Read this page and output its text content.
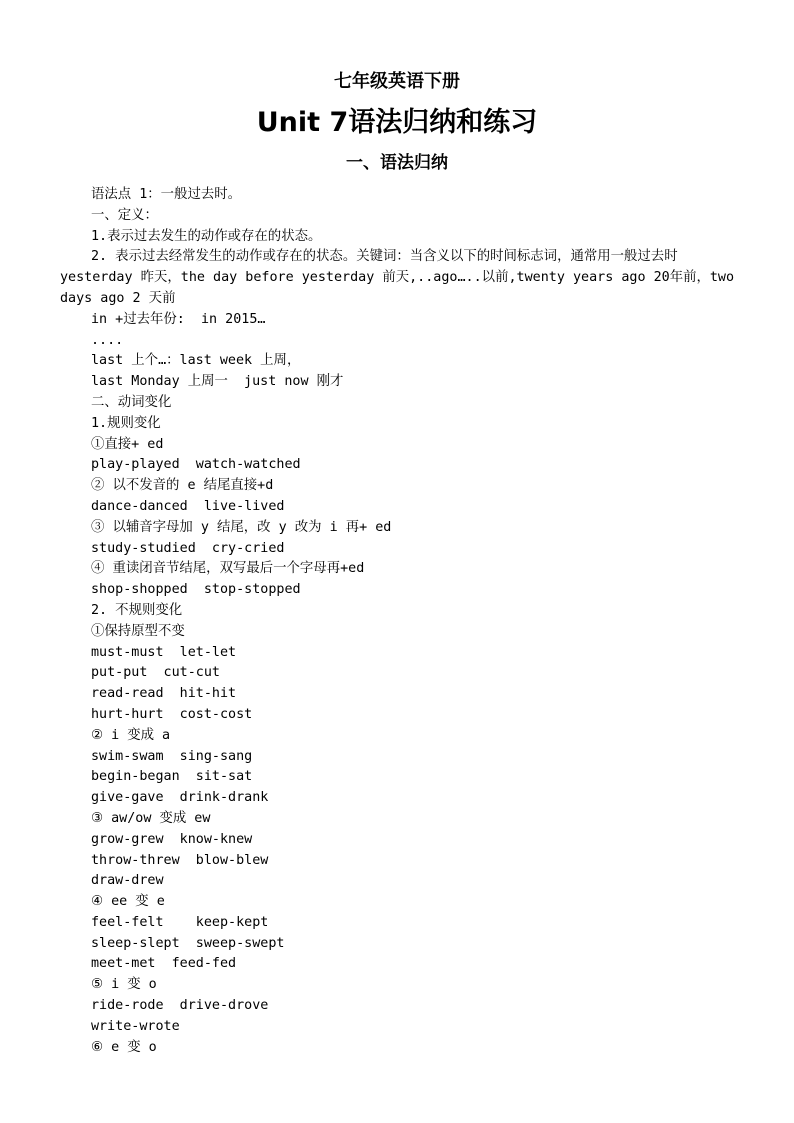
七年级英语下册
Unit 7语法归纳和练习
一、语法归纳
语法点 1：一般过去时。
一、定义：
1.表示过去发生的动作或存在的状态。
2. 表示过去经常发生的动作或存在的状态。关键词：当含义以下的时间标志词，通常用一般过去时yesterday 昨天，the day before yesterday 前天,..ago…..以前,twenty years ago 20年前，two days ago 2 天前
in +过去年份:  in 2015…
....
last 上个…：last week 上周，
last Monday 上周一  just now 刚才
二、动词变化
1.规则变化
①直接+ ed
play-played  watch-watched
② 以不发音的 e 结尾直接+d
dance-danced  live-lived
③ 以辅音字母加 y 结尾，改 y 改为 i 再+ ed
study-studied  cry-cried
④ 重读闭音节结尾，双写最后一个字母再+ed
shop-shopped  stop-stopped
2. 不规则变化
①保持原型不变
must-must  let-let
put-put  cut-cut
read-read  hit-hit
hurt-hurt  cost-cost
② i 变成 a
swim-swam  sing-sang
begin-began  sit-sat
give-gave  drink-drank
③ aw/ow 变成 ew
grow-grew  know-knew
throw-threw  blow-blew
draw-drew
④ ee 变 e
feel-felt    keep-kept
sleep-slept  sweep-swept
meet-met  feed-fed
⑤ i 变 o
ride-rode  drive-drove
write-wrote
⑥ e 变 o
